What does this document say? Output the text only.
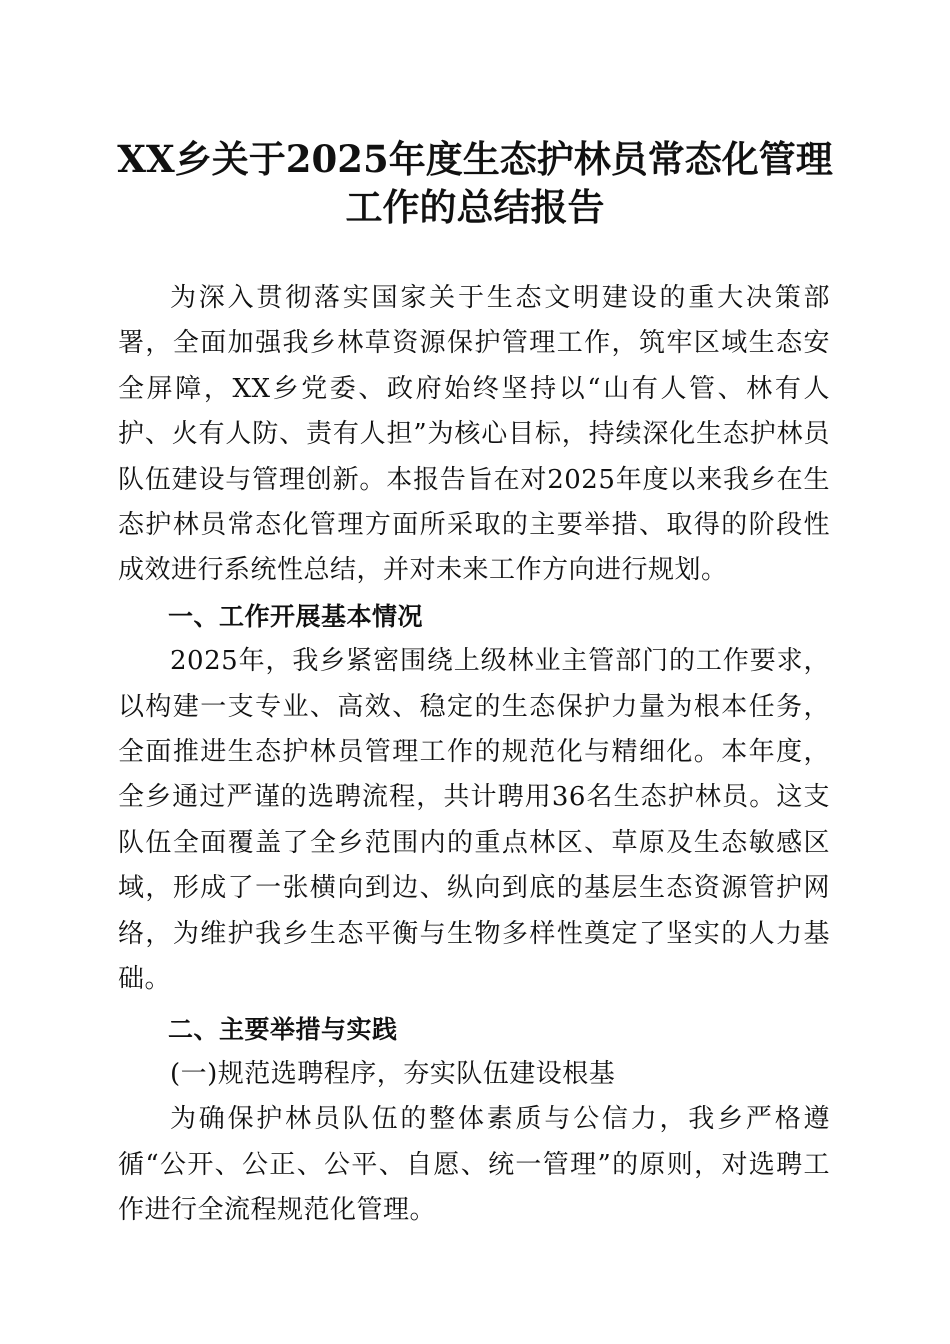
XX乡关于2025年度生态护林员常态化管理工作的总结报告

为深入贯彻落实国家关于生态文明建设的重大决策部署，全面加强我乡林草资源保护管理工作，筑牢区域生态安全屏障，XX乡党委、政府始终坚持以“山有人管、林有人护、火有人防、责有人担”为核心目标，持续深化生态护林员队伍建设与管理创新。本报告旨在对2025年度以来我乡在生态护林员常态化管理方面所采取的主要举措、取得的阶段性成效进行系统性总结，并对未来工作方向进行规划。

一、工作开展基本情况

2025年，我乡紧密围绕上级林业主管部门的工作要求，以构建一支专业、高效、稳定的生态保护力量为根本任务，全面推进生态护林员管理工作的规范化与精细化。本年度，全乡通过严谨的选聘流程，共计聘用36名生态护林员。这支队伍全面覆盖了全乡范围内的重点林区、草原及生态敏感区域，形成了一张横向到边、纵向到底的基层生态资源管护网络，为维护我乡生态平衡与生物多样性奠定了坚实的人力基础。

二、主要举措与实践

(一)规范选聘程序，夯实队伍建设根基

为确保护林员队伍的整体素质与公信力，我乡严格遵循“公开、公正、公平、自愿、统一管理”的原则，对选聘工作进行全流程规范化管理。
